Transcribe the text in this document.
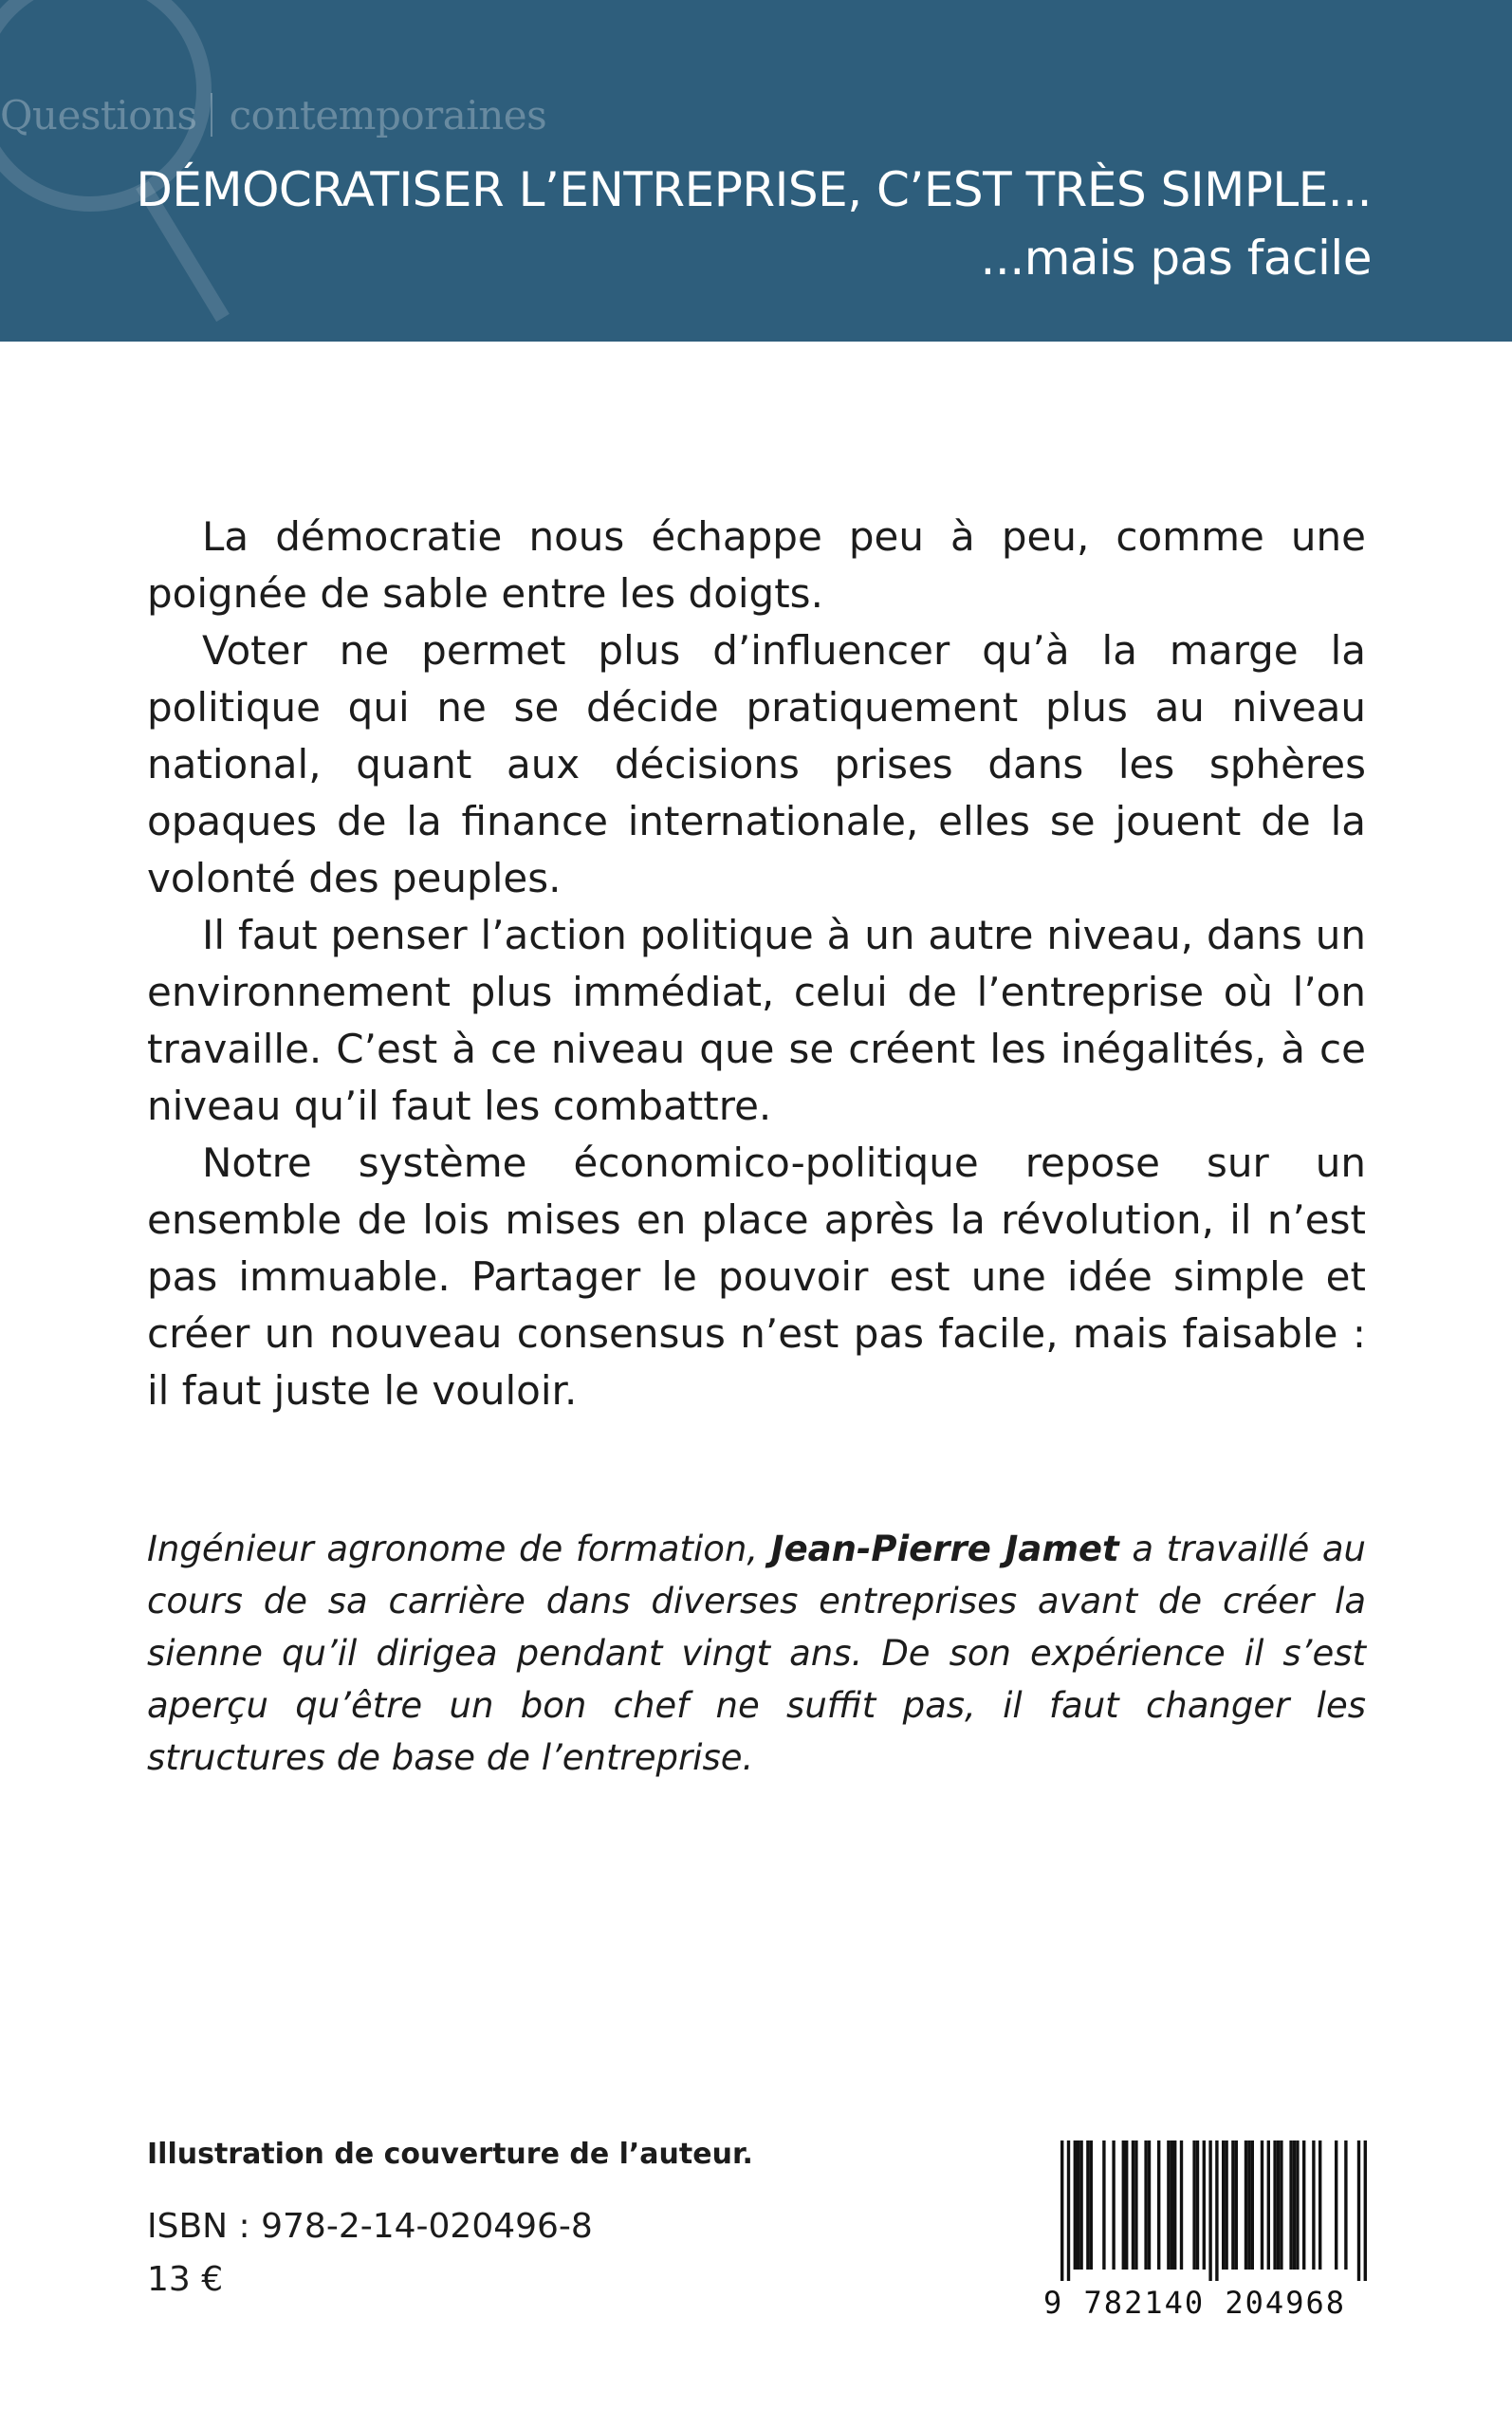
Questions contemporaines
DÉMOCRATISER L’ENTREPRISE, C’EST TRÈS SIMPLE...
...mais pas facile

La démocratie nous échappe peu à peu, comme une poignée de sable entre les doigts.

Voter ne permet plus d’influencer qu’à la marge la politique qui ne se décide pratiquement plus au niveau national, quant aux décisions prises dans les sphères opaques de la finance internationale, elles se jouent de la volonté des peuples.

Il faut penser l’action politique à un autre niveau, dans un environnement plus immédiat, celui de l’entreprise où l’on travaille. C’est à ce niveau que se créent les inégalités, à ce niveau qu’il faut les combattre.

Notre système économico-politique repose sur un ensemble de lois mises en place après la révolution, il n’est pas immuable. Partager le pouvoir est une idée simple et créer un nouveau consensus n’est pas facile, mais faisable : il faut juste le vouloir.

Ingénieur agronome de formation, Jean-Pierre Jamet a travaillé au cours de sa carrière dans diverses entreprises avant de créer la sienne qu’il dirigea pendant vingt ans. De son expérience il s’est aperçu qu’être un bon chef ne suffit pas, il faut changer les structures de base de l’entreprise.
Illustration de couverture de l’auteur.
ISBN : 978-2-14-020496-8
13 €
9 782140 204968
